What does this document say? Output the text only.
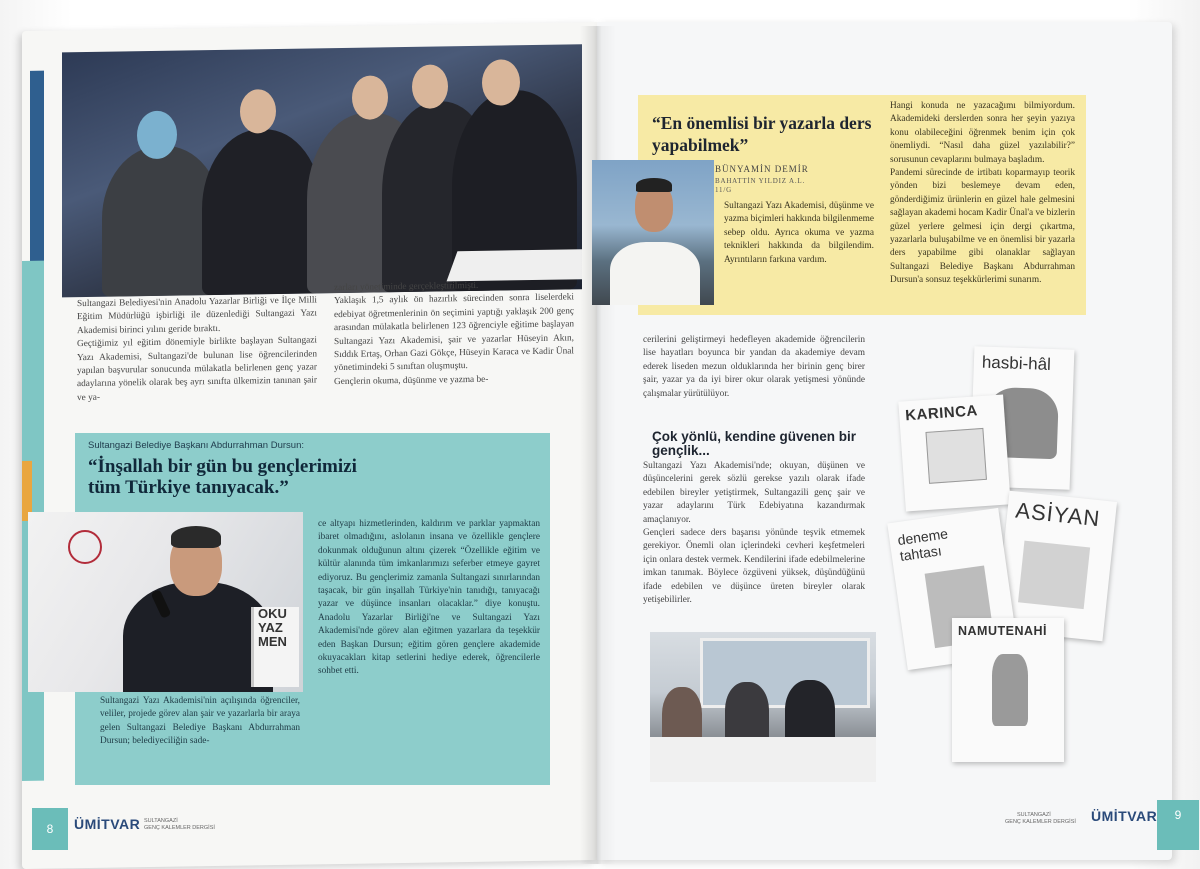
Sultangazi Belediyesi'nin Anadolu Yazarlar Birliği ve İlçe Milli Eğitim Müdürlüğü işbirliği ile düzenlediği Sultangazi Yazı Akademisi birinci yılını geride bıraktı.
Geçtiğimiz yıl eğitim dönemiyle birlikte başlayan Sultangazi Yazı Akademisi, Sultangazi'de bulunan lise öğrencilerinden yapılan başvurular sonucunda mülakatla belirlenen genç yazar adaylarına yönelik olarak beş ayrı sınıfta ülkemizin tanınan şair ve ya-
zarları yönetiminde gerçekleştirilmişti.
Yaklaşık 1,5 aylık ön hazırlık sürecinden sonra liselerdeki edebiyat öğretmenlerinin ön seçimini yaptığı yaklaşık 200 genç arasından mülakatla belirlenen 123 öğrenciyle eğitime başlayan Sultangazi Yazı Akademisi, şair ve yazarlar Hüseyin Akın, Sıddık Ertaş, Orhan Gazi Gökçe, Hüseyin Karaca ve Kadir Ünal yönetimindeki 5 sınıftan oluşmuştu.
Gençlerin okuma, düşünme ve yazma be-
Sultangazi Belediye Başkanı Abdurrahman Dursun:
“İnşallah bir gün bu gençlerimizi tüm Türkiye tanıyacak.”
OKU
YAZ
MEN
Sultangazi Yazı Akademisi'nin açılışında öğrenciler, veliler, projede görev alan şair ve yazarlarla bir araya gelen Sultangazi Belediye Başkanı Abdurrahman Dursun; belediyeciliğin sade-
ce altyapı hizmetlerinden, kaldırım ve parklar yapmaktan ibaret olmadığını, aslolanın insana ve özellikle gençlere dokunmak olduğunun altını çizerek “Özellikle eğitim ve kültür alanında tüm imkanlarımızı seferber etmeye gayret ediyoruz. Bu gençlerimiz zamanla Sultangazi sınırlarından taşacak, bir gün inşallah Türkiye'nin tanıdığı, tanıyacağı yazar ve düşünce insanları olacaklar.” diye konuştu. Anadolu Yazarlar Birliği'ne ve Sultangazi Yazı Akademisi'nde görev alan eğitmen yazarlara da teşekkür eden Başkan Dursun; eğitim gören gençlere akademide okuyacakları kitap setlerini hediye ederek, öğrencilerle sohbet etti.
8	ÜMİTVAR SULTANGAZİ
GENÇ KALEMLER DERGİSİ
“En önemlisi bir yazarla ders yapabilmek”
BÜNYAMİN DEMİR
BAHATTİN YILDIZ A.L.
11/G
Sultangazi Yazı Akademisi, düşünme ve yazma biçimleri hakkında bilgilenmeme sebep oldu. Ayrıca okuma ve yazma teknikleri hakkında da bilgilendim. Ayrıntıların farkına vardım.
Hangi konuda ne yazacağımı bilmiyordum. Akademideki derslerden sonra her şeyin yazıya konu olabileceğini öğrenmek benim için çok önemliydi. “Nasıl daha güzel yazılabilir?” sorusunun cevaplarını bulmaya başladım.
Pandemi sürecinde de irtibatı koparmayıp teorik yönden bizi beslemeye devam eden, gönderdiğimiz ürünlerin en güzel hale gelmesini sağlayan akademi hocam Kadir Ünal'a ve bizlerin güzel yerlere gelmesi için dergi çıkartma, yazarlarla buluşabilme ve en önemlisi bir yazarla ders yapabilme gibi olanaklar sağlayan Sultangazi Belediye Başkanı Abdurrahman Dursun'a sonsuz teşekkürlerimi sunarım.
cerilerini geliştirmeyi hedefleyen akademide öğrencilerin lise hayatları boyunca bir yandan da akademiye devam ederek liseden mezun olduklarında her birinin genç birer şair, yazar ya da iyi birer okur olarak yetişmesi yönünde çalışmalar yürütülüyor.
Çok yönlü, kendine güvenen bir gençlik...
Sultangazi Yazı Akademisi'nde; okuyan, düşünen ve düşüncelerini gerek sözlü gerekse yazılı olarak ifade edebilen bireyler yetiştirmek, Sultangazili genç şair ve yazar adaylarını Türk Edebiyatına kazandırmak amaçlanıyor.
Gençleri sadece ders başarısı yönünde teşvik etmemek gerekiyor. Önemli olan içlerindeki cevheri keşfetmeleri için onlara destek vermek. Kendilerini ifade edebilmelerine imkan tanımak. Böylece özgüveni yüksek, düşündüğünü ifade edebilen ve düşünce üreten bireyler olarak yetişebilirler.
hasbi-hâl
KARINCA
ASİYAN
deneme tahtası
NAMUTENAHİ
SULTANGAZİ
GENÇ KALEMLER DERGİSİ ÜMİTVAR	9
